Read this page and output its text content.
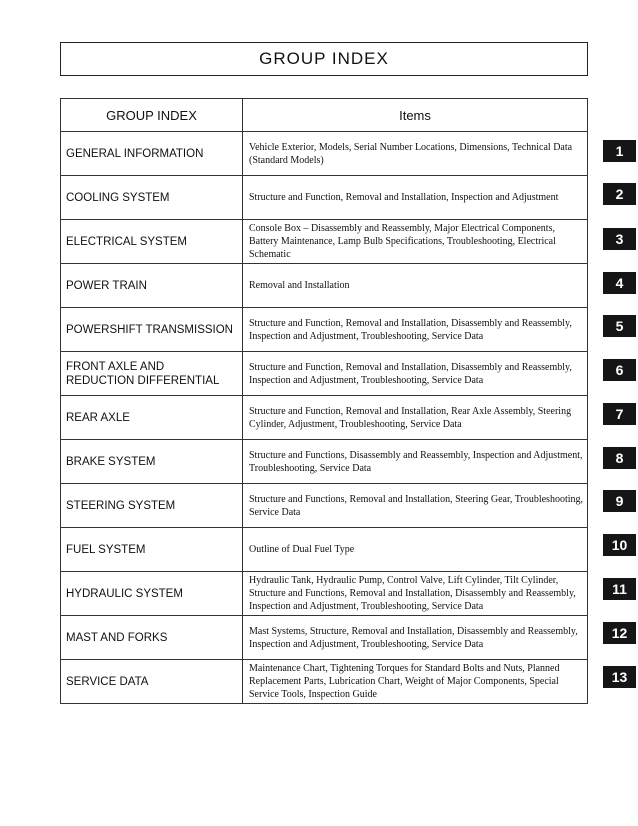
GROUP INDEX
GROUP INDEX	Items
GENERAL INFORMATION	Vehicle Exterior, Models, Serial Number Locations, Dimensions, Technical Data (Standard Models)
COOLING SYSTEM	Structure and Function, Removal and Installation, Inspection and Adjustment
ELECTRICAL SYSTEM	Console Box – Disassembly and Reassembly, Major Electrical Components, Battery Maintenance, Lamp Bulb Specifications, Troubleshooting, Electrical Schematic
POWER TRAIN	Removal and Installation
POWERSHIFT TRANSMISSION	Structure and Function, Removal and Installation, Disassembly and Reassembly, Inspection and Adjustment, Troubleshooting, Service Data
FRONT AXLE AND
REDUCTION DIFFERENTIAL	Structure and Function, Removal and Installation, Disassembly and Reassembly, Inspection and Adjustment, Troubleshooting, Service Data
REAR AXLE	Structure and Function, Removal and Installation, Rear Axle Assembly, Steering Cylinder, Adjustment, Troubleshooting, Service Data
BRAKE SYSTEM	Structure and Functions, Disassembly and Reassembly, Inspection and Adjustment, Troubleshooting, Service Data
STEERING SYSTEM	Structure and Functions, Removal and Installation, Steering Gear, Troubleshooting, Service Data
FUEL SYSTEM	Outline of Dual Fuel Type
HYDRAULIC SYSTEM	Hydraulic Tank, Hydraulic Pump, Control Valve, Lift Cylinder, Tilt Cylinder, Structure and Functions, Removal and Installation, Disassembly and Reassembly, Inspection and Adjustment, Troubleshooting, Service Data
MAST AND FORKS	Mast Systems, Structure, Removal and Installation, Disassembly and Reassembly, Inspection and Adjustment, Troubleshooting, Service Data
SERVICE DATA	Maintenance Chart, Tightening Torques for Standard Bolts and Nuts, Planned Replacement Parts, Lubrication Chart, Weight of Major Components, Special Service Tools, Inspection Guide
1
2
3
4
5
6
7
8
9
10
11
12
13
